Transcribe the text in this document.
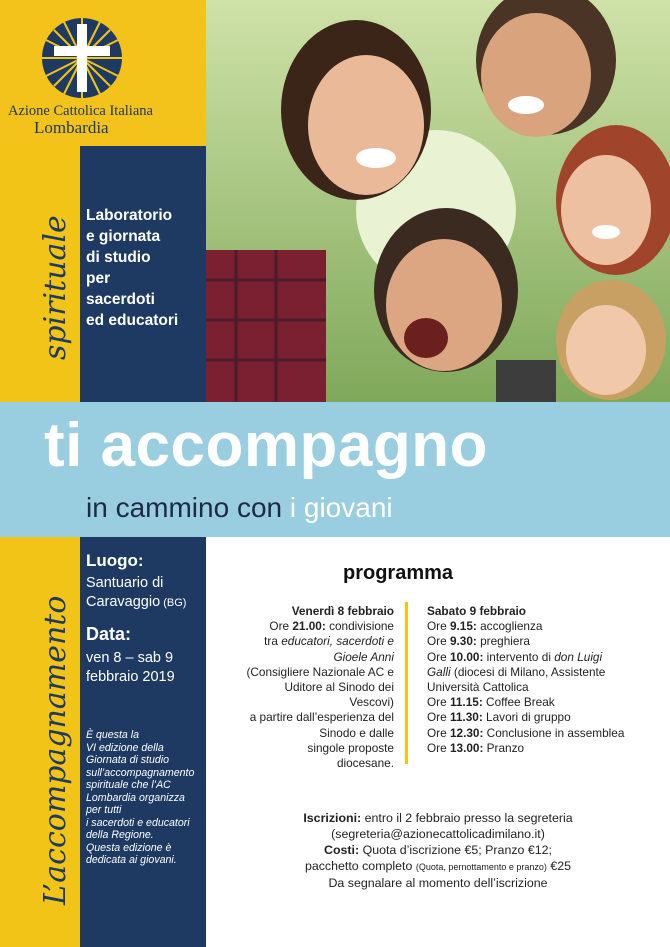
Azione Cattolica Italiana
Lombardia
spirituale
L’accompagnamento
Laboratorio
e giornata
di studio
per
sacerdoti
ed educatori
ti accompagno
in cammino con i giovani
Luogo:
Santuario di
Caravaggio (BG)
Data:
ven 8 – sab 9
febbraio 2019
È questa la
VI edizione della
Giornata di studio
sull’accompagnamento
spirituale che l’AC
Lombardia organizza
per tutti
i sacerdoti e educatori
della Regione.
Questa edizione è
dedicata ai giovani.
programma
Venerdì 8 febbraio
Ore 21.00: condivisione
tra educatori, sacerdoti e
Gioele Anni
(Consigliere Nazionale AC e
Uditore al Sinodo dei
Vescovi)
a partire dall’esperienza del
Sinodo e dalle
singole proposte
diocesane.
Sabato 9 febbraio
Ore 9.15: accoglienza
Ore 9.30: preghiera
Ore 10.00: intervento di don Luigi
Galli (diocesi di Milano, Assistente
Università Cattolica
Ore 11.15: Coffee Break
Ore 11.30: Lavori di gruppo
Ore 12.30: Conclusione in assemblea
Ore 13.00: Pranzo
Iscrizioni: entro il 2 febbraio presso la segreteria
(segreteria@azionecattolicadimilano.it)
Costi: Quota d’iscrizione €5; Pranzo €12;
pacchetto completo (Quota, pernottamento e pranzo) €25
Da segnalare al momento dell’iscrizione
